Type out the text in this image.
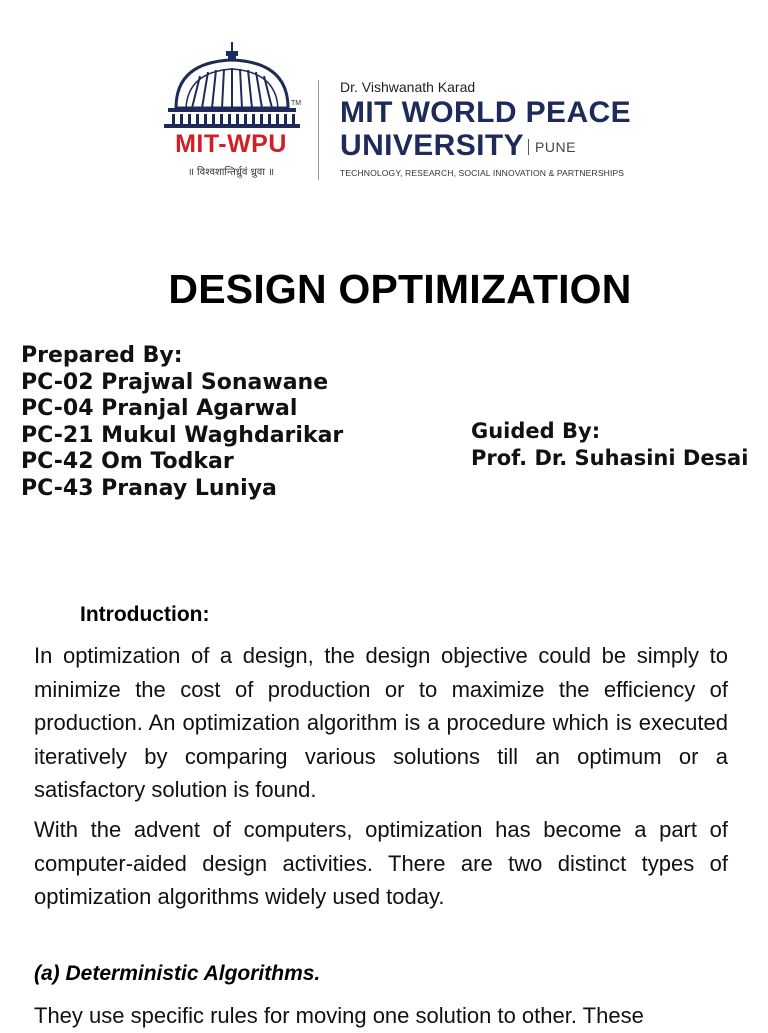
TM
MIT-WPU
॥ विश्वशान्तिर्ध्रुवं ध्रुवा ॥

Dr. Vishwanath Karad

MIT WORLD PEACE

UNIVERSITY PUNE

TECHNOLOGY, RESEARCH, SOCIAL INNOVATION & PARTNERSHIPS
DESIGN OPTIMIZATION
Prepared By:
PC-02 Prajwal Sonawane
PC-04 Pranjal Agarwal
PC-21 Mukul Waghdarikar
PC-42 Om Todkar
PC-43 Pranay Luniya
Guided By:
Prof. Dr. Suhasini Desai
Introduction:

In optimization of a design, the design objective could be simply to minimize the cost of production or to maximize the efficiency of production. An optimization algorithm is a procedure which is executed iteratively by comparing various solutions till an optimum or a satisfactory solution is found.

With the advent of computers, optimization has become a part of computer-aided design activities. There are two distinct types of optimization algorithms widely used today.

(a) Deterministic Algorithms.

They use specific rules for moving one solution to other. These
